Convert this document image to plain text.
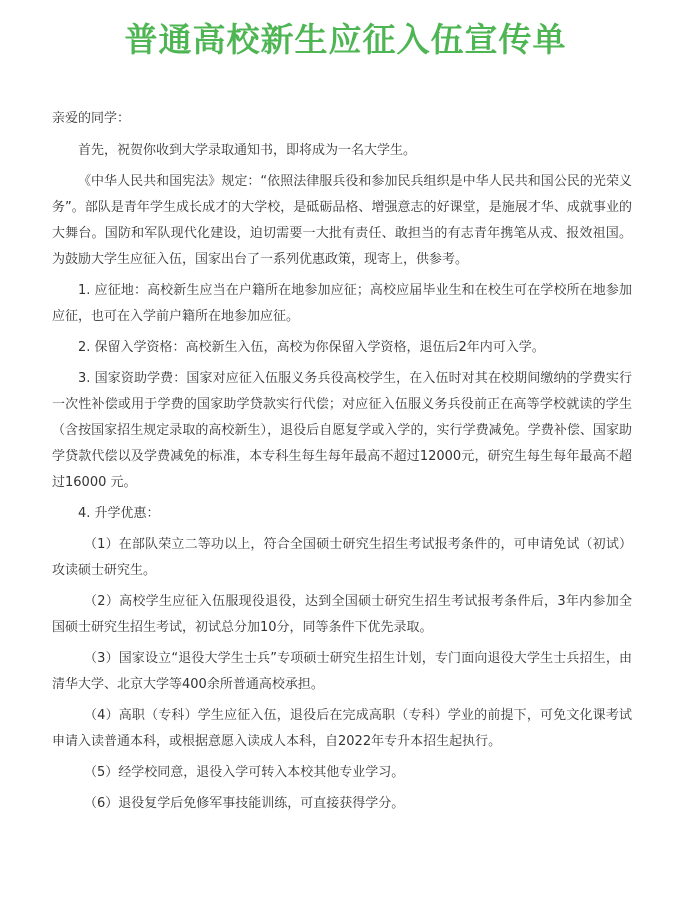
普通高校新生应征入伍宣传单

亲爱的同学：

首先，祝贺你收到大学录取通知书，即将成为一名大学生。

《中华人民共和国宪法》规定：“依照法律服兵役和参加民兵组织是中华人民共和国公民的光荣义务”。部队是青年学生成长成才的大学校，是砥砺品格、增强意志的好课堂，是施展才华、成就事业的大舞台。国防和军队现代化建设，迫切需要一大批有责任、敢担当的有志青年携笔从戎、报效祖国。为鼓励大学生应征入伍，国家出台了一系列优惠政策，现寄上，供参考。

1. 应征地：高校新生应当在户籍所在地参加应征；高校应届毕业生和在校生可在学校所在地参加应征，也可在入学前户籍所在地参加应征。

2. 保留入学资格：高校新生入伍，高校为你保留入学资格，退伍后2年内可入学。

3. 国家资助学费：国家对应征入伍服义务兵役高校学生，在入伍时对其在校期间缴纳的学费实行一次性补偿或用于学费的国家助学贷款实行代偿；对应征入伍服义务兵役前正在高等学校就读的学生（含按国家招生规定录取的高校新生），退役后自愿复学或入学的，实行学费减免。学费补偿、国家助学贷款代偿以及学费减免的标准，本专科生每生每年最高不超过12000元，研究生每生每年最高不超过16000 元。

4. 升学优惠：

（1）在部队荣立二等功以上，符合全国硕士研究生招生考试报考条件的，可申请免试（初试）攻读硕士研究生。

（2）高校学生应征入伍服现役退役，达到全国硕士研究生招生考试报考条件后，3年内参加全国硕士研究生招生考试，初试总分加10分，同等条件下优先录取。

（3）国家设立“退役大学生士兵”专项硕士研究生招生计划，专门面向退役大学生士兵招生，由清华大学、北京大学等400余所普通高校承担。

（4）高职（专科）学生应征入伍，退役后在完成高职（专科）学业的前提下，可免文化课考试申请入读普通本科，或根据意愿入读成人本科，自2022年专升本招生起执行。

（5）经学校同意，退役入学可转入本校其他专业学习。

（6）退役复学后免修军事技能训练，可直接获得学分。
